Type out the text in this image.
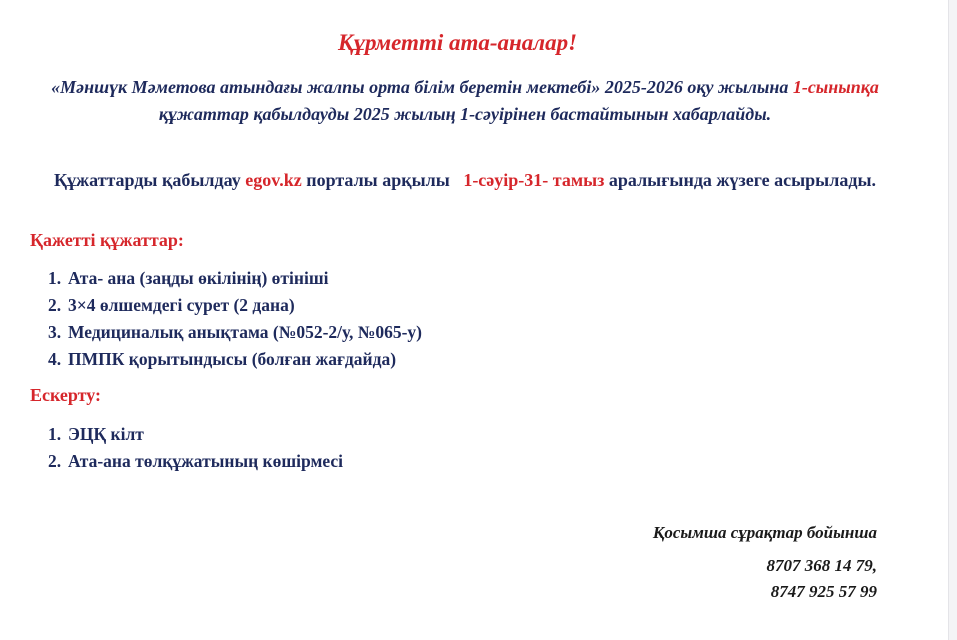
Құрметті ата-аналар!
«Мәншүк Мәметова атындағы жалпы орта білім беретін мектебі» 2025-2026 оқу жылына 1-сыныпқа құжаттар қабылдауды 2025 жылың 1-сәуірінен бастайтынын хабарлайды.
Құжаттарды қабылдау egov.kz порталы арқылы   1-сәуір-31- тамыз аралығында жүзеге асырылады.
Қажетті құжаттар:
1. Ата- ана (заңды өкілінің) өтініші
2. 3×4 өлшемдегі сурет (2 дана)
3. Медициналық анықтама (№052-2/у, №065-у)
4. ПМПК қорытындысы (болған жағдайда)
Ескерту:
1. ЭЦҚ кілт
2. Ата-ана төлқұжатының көшірмесі
Қосымша сұрақтар бойынша
8707 368 14 79,
8747 925 57 99
